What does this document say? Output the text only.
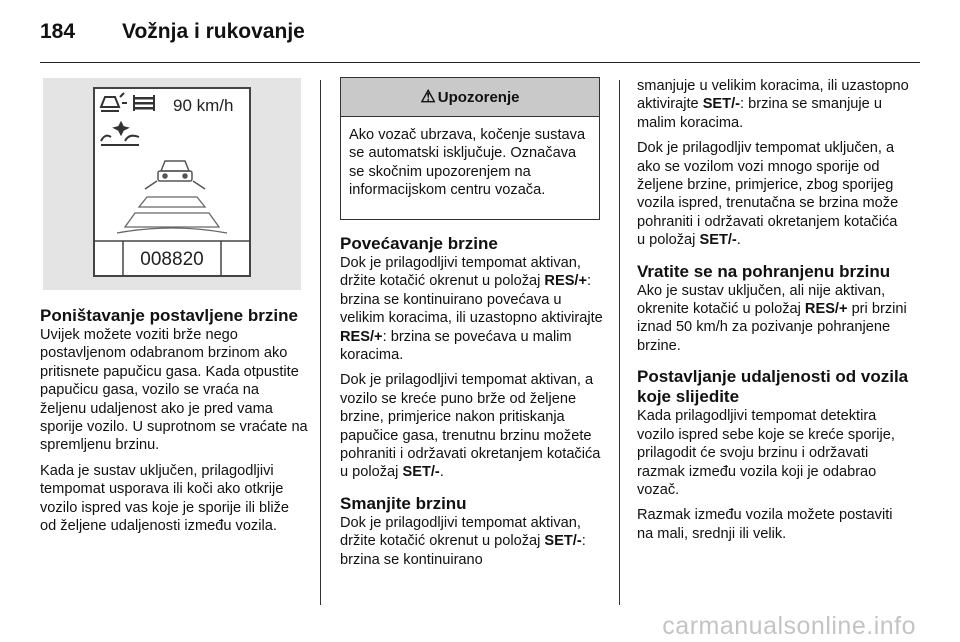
184 Vožnja i rukovanje
90 km/h
008820
Poništavanje postavljene brzine

Uvijek možete voziti brže nego postavljenom odabranom brzinom ako pritisnete papučicu gasa. Kada otpustite papučicu gasa, vozilo se vraća na željenu udaljenost ako je pred vama sporije vozilo. U suprotnom se vraćate na spremljenu brzinu.

Kada je sustav uključen, prilagodljivi tempomat usporava ili koči ako otkrije vozilo ispred vas koje je sporije ili bliže od željene udaljenosti između vozila.

⚠ Upozorenje
Ako vozač ubrzava, kočenje sustava se automatski isključuje. Označava se skočnim upozorenjem na informacijskom centru vozača.
Povećavanje brzine

Dok je prilagodljivi tempomat aktivan, držite kotačić okrenut u položaj RES/+: brzina se kontinuirano povećava u velikim koracima, ili uzastopno aktivirajte RES/+: brzina se povećava u malim koracima.

Dok je prilagodljivi tempomat aktivan, a vozilo se kreće puno brže od željene brzine, primjerice nakon pritiskanja papučice gasa, trenutnu brzinu možete pohraniti i održavati okretanjem kotačića u položaj SET/-.

Smanjite brzinu

Dok je prilagodljivi tempomat aktivan, držite kotačić okrenut u položaj SET/-: brzina se kontinuirano

smanjuje u velikim koracima, ili uzastopno aktivirajte SET/-: brzina se smanjuje u malim koracima.

Dok je prilagodljiv tempomat uključen, a ako se vozilom vozi mnogo sporije od željene brzine, primjerice, zbog sporijeg vozila ispred, trenutačna se brzina može pohraniti i održavati okretanjem kotačića u položaj SET/-.

Vratite se na pohranjenu brzinu

Ako je sustav uključen, ali nije aktivan, okrenite kotačić u položaj RES/+ pri brzini iznad 50 km/h za pozivanje pohranjene brzine.

Postavljanje udaljenosti od vozila koje slijedite

Kada prilagodljivi tempomat detektira vozilo ispred sebe koje se kreće sporije, prilagodit će svoju brzinu i održavati razmak između vozila koji je odabrao vozač.

Razmak između vozila možete postaviti na mali, srednji ili velik.

carmanualsonline.info
